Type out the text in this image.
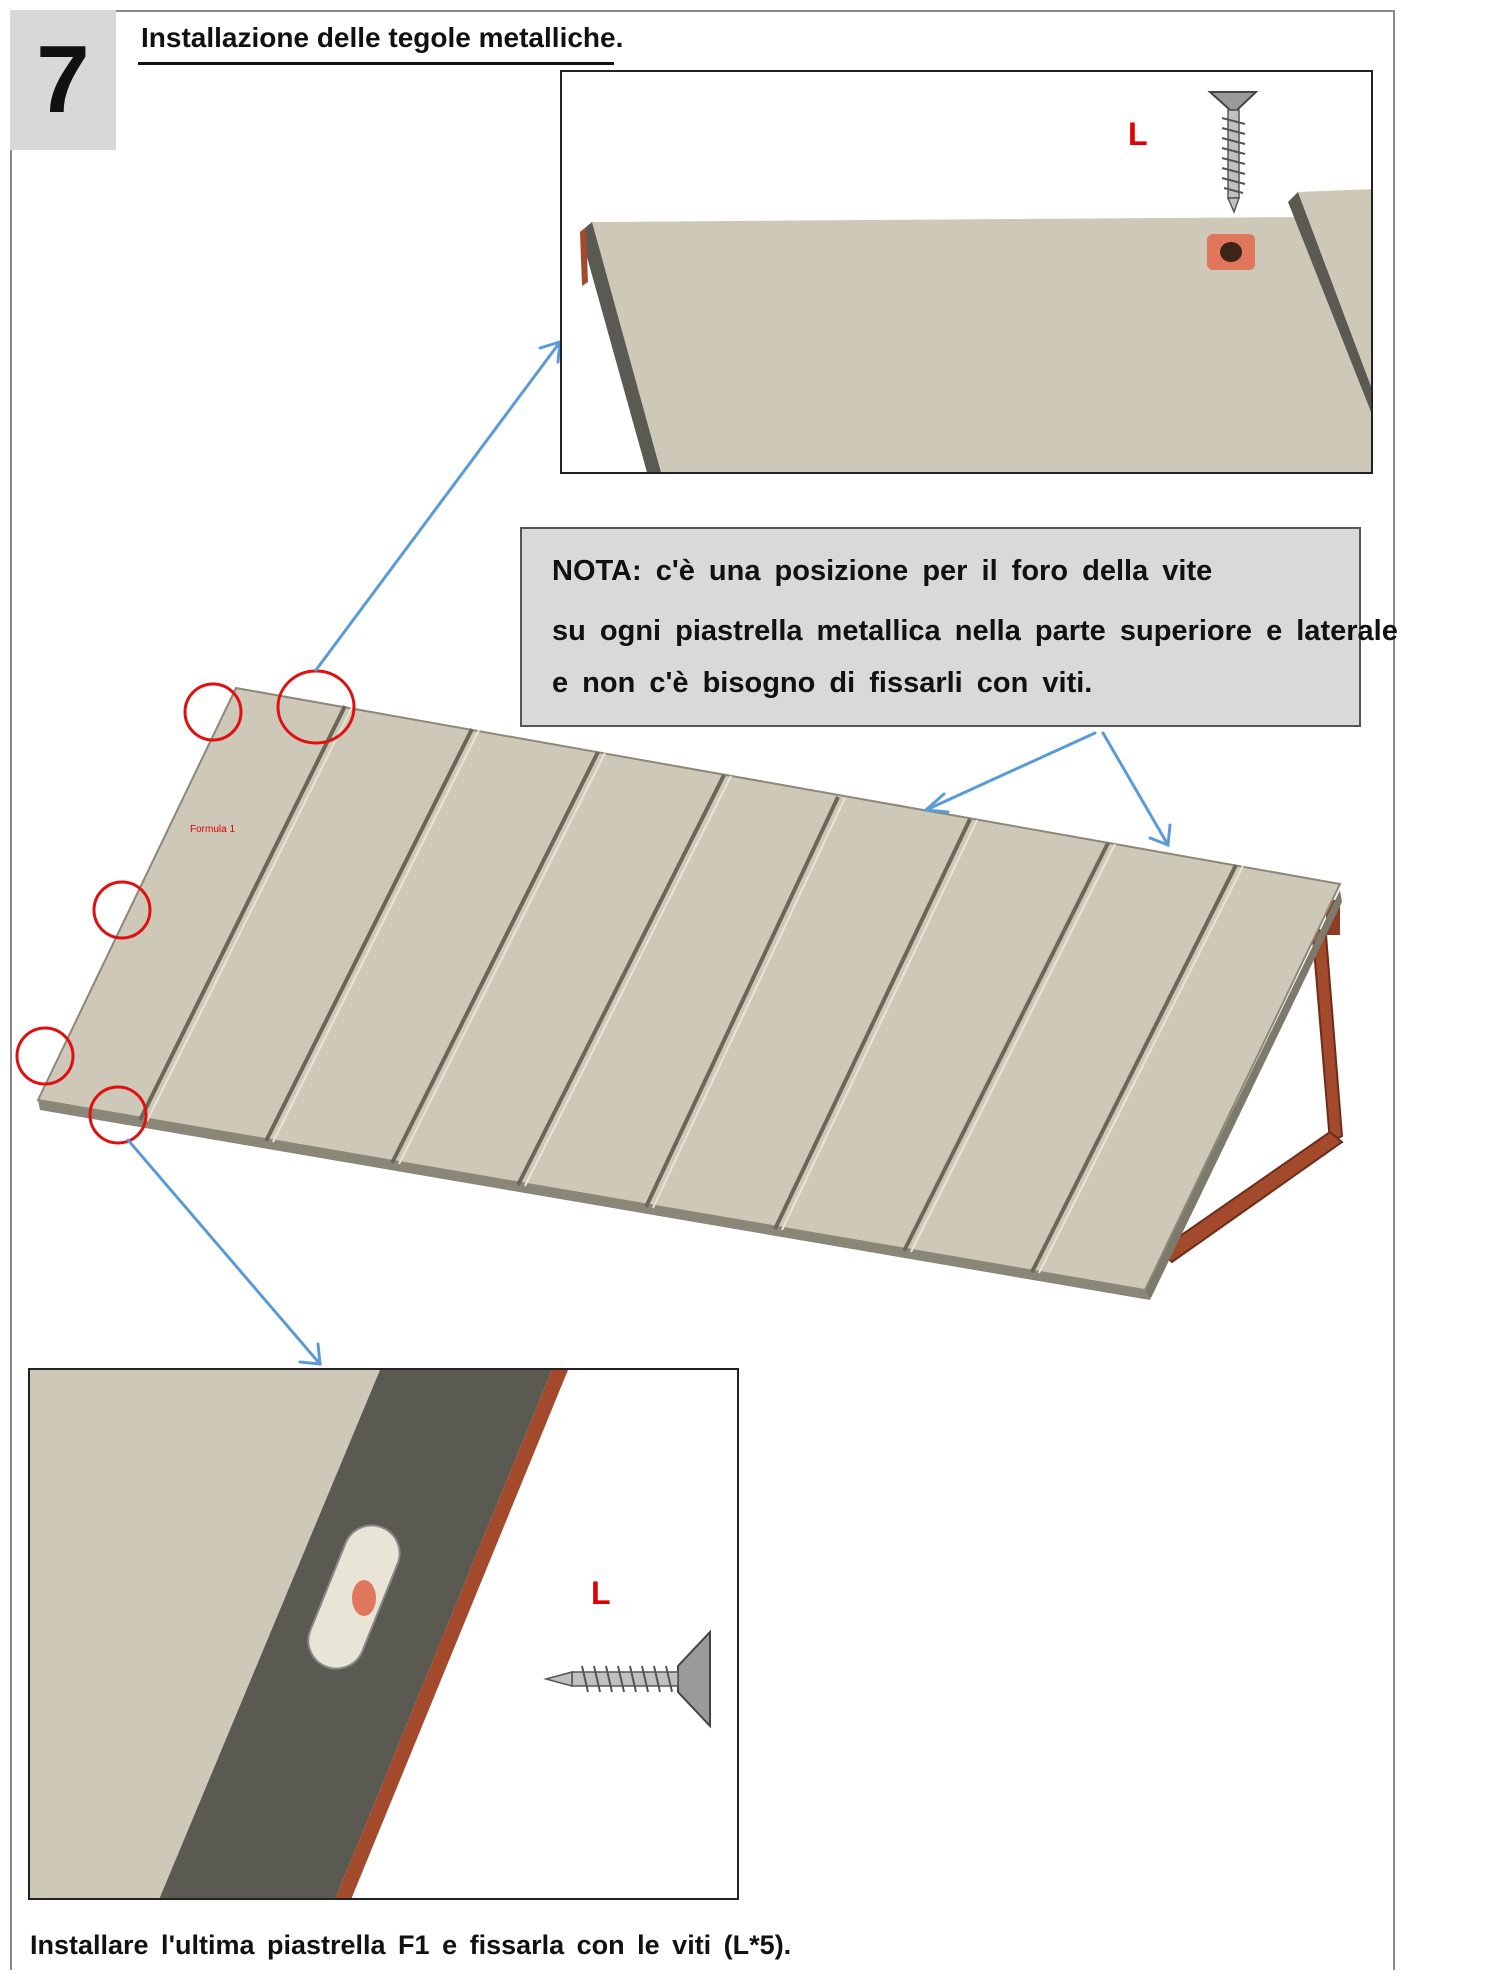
7 Installazione delle tegole metalliche.
Formula 1
L
NOTA: c'è una posizione per il foro della vite
su ogni piastrella metallica nella parte superiore e laterale
e non c'è bisogno di fissarli con viti.
L
Installare l'ultima piastrella F1 e fissarla con le viti (L*5).
